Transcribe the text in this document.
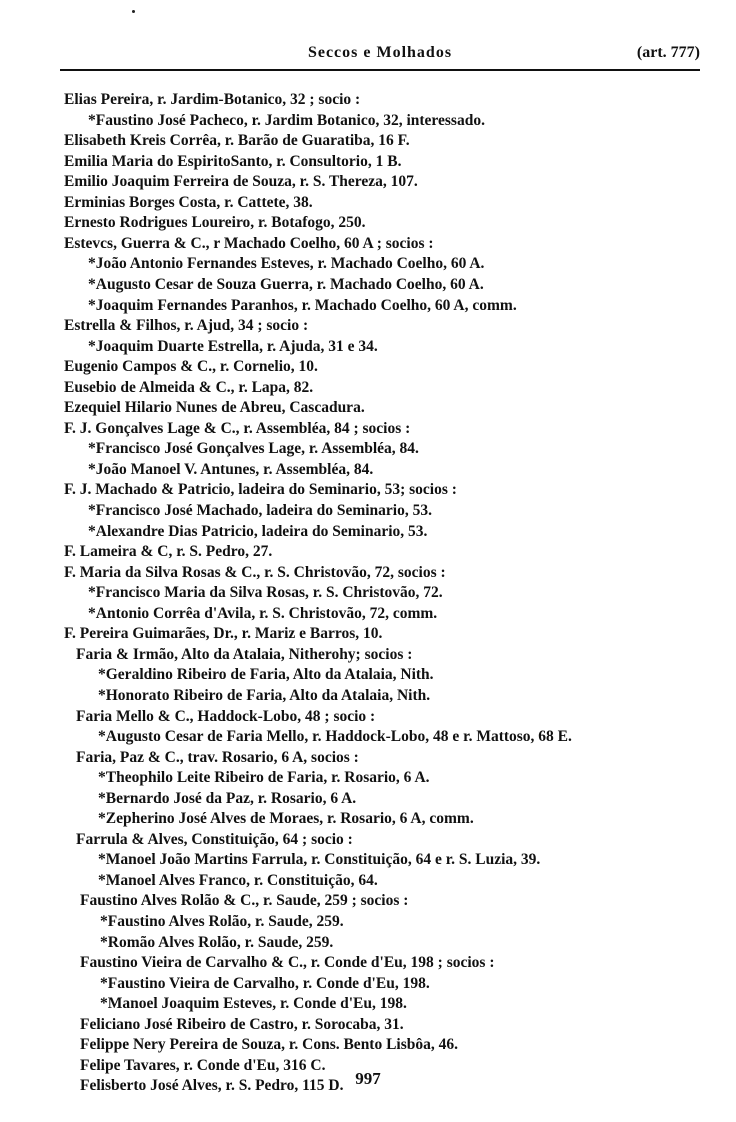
Seccos e Molhados	(art. 777)
Elias Pereira, r. Jardim-Botanico, 32 ; socio :
*Faustino José Pacheco, r. Jardim Botanico, 32, interessado.
Elisabeth Kreis Corrêa, r. Barão de Guaratiba, 16 F.
Emilia Maria do EspiritoSanto, r. Consultorio, 1 B.
Emilio Joaquim Ferreira de Souza, r. S. Thereza, 107.
Erminias Borges Costa, r. Cattete, 38.
Ernesto Rodrigues Loureiro, r. Botafogo, 250.
Estevcs, Guerra & C., r Machado Coelho, 60 A ; socios :
*João Antonio Fernandes Esteves, r. Machado Coelho, 60 A.
*Augusto Cesar de Souza Guerra, r. Machado Coelho, 60 A.
*Joaquim Fernandes Paranhos, r. Machado Coelho, 60 A, comm.
Estrella & Filhos, r. Ajud, 34 ; socio :
*Joaquim Duarte Estrella, r. Ajuda, 31 e 34.
Eugenio Campos & C., r. Cornelio, 10.
Eusebio de Almeida & C., r. Lapa, 82.
Ezequiel Hilario Nunes de Abreu, Cascadura.
F. J. Gonçalves Lage & C., r. Assembléa, 84 ; socios :
*Francisco José Gonçalves Lage, r. Assembléa, 84.
*João Manoel V. Antunes, r. Assembléa, 84.
F. J. Machado & Patricio, ladeira do Seminario, 53; socios :
*Francisco José Machado, ladeira do Seminario, 53.
*Alexandre Dias Patricio, ladeira do Seminario, 53.
F. Lameira & C, r. S. Pedro, 27.
F. Maria da Silva Rosas & C., r. S. Christovão, 72, socios :
*Francisco Maria da Silva Rosas, r. S. Christovão, 72.
*Antonio Corrêa d'Avila, r. S. Christovão, 72, comm.
F. Pereira Guimarães, Dr., r. Mariz e Barros, 10.
Faria & Irmão, Alto da Atalaia, Nitherohy; socios :
*Geraldino Ribeiro de Faria, Alto da Atalaia, Nith.
*Honorato Ribeiro de Faria, Alto da Atalaia, Nith.
Faria Mello & C., Haddock-Lobo, 48 ; socio :
*Augusto Cesar de Faria Mello, r. Haddock-Lobo, 48 e r. Mattoso, 68 E.
Faria, Paz & C., trav. Rosario, 6 A, socios :
*Theophilo Leite Ribeiro de Faria, r. Rosario, 6 A.
*Bernardo José da Paz, r. Rosario, 6 A.
*Zepherino José Alves de Moraes, r. Rosario, 6 A, comm.
Farrula & Alves, Constituição, 64 ; socio :
*Manoel João Martins Farrula, r. Constituição, 64 e r. S. Luzia, 39.
*Manoel Alves Franco, r. Constituição, 64.
Faustino Alves Rolão & C., r. Saude, 259 ; socios :
*Faustino Alves Rolão, r. Saude, 259.
*Romão Alves Rolão, r. Saude, 259.
Faustino Vieira de Carvalho & C., r. Conde d'Eu, 198 ; socios :
*Faustino Vieira de Carvalho, r. Conde d'Eu, 198.
*Manoel Joaquim Esteves, r. Conde d'Eu, 198.
Feliciano José Ribeiro de Castro, r. Sorocaba, 31.
Felippe Nery Pereira de Souza, r. Cons. Bento Lisbôa, 46.
Felipe Tavares, r. Conde d'Eu, 316 C.
Felisberto José Alves, r. S. Pedro, 115 D. 997
